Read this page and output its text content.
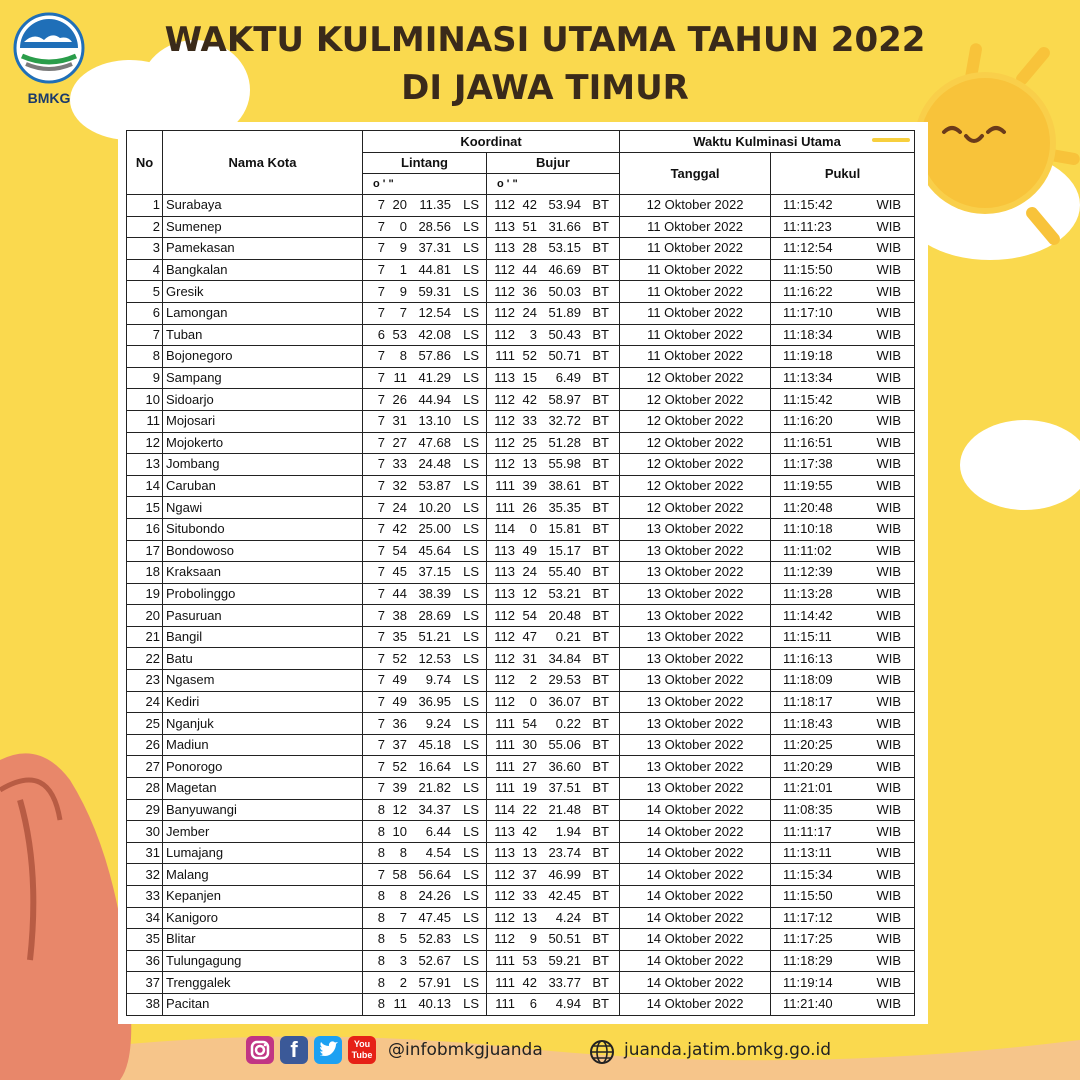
BMKG
WAKTU KULMINASI UTAMA TAHUN 2022
DI JAWA TIMUR
No	Nama Kota	Koordinat		Waktu Kulminasi Utama	
		Lintang	Bujur	Tanggal	Pukul
		o ' "	o ' "		
1	Surabaya	7 20 11.35 LS	112 42 53.94 BT	12 Oktober 2022	11:15:42 WIB
2	Sumenep	7 0 28.56 LS	113 51 31.66 BT	11 Oktober 2022	11:11:23 WIB
3	Pamekasan	7 9 37.31 LS	113 28 53.15 BT	11 Oktober 2022	11:12:54 WIB
4	Bangkalan	7 1 44.81 LS	112 44 46.69 BT	11 Oktober 2022	11:15:50 WIB
5	Gresik	7 9 59.31 LS	112 36 50.03 BT	11 Oktober 2022	11:16:22 WIB
6	Lamongan	7 7 12.54 LS	112 24 51.89 BT	11 Oktober 2022	11:17:10 WIB
7	Tuban	6 53 42.08 LS	112 3 50.43 BT	11 Oktober 2022	11:18:34 WIB
8	Bojonegoro	7 8 57.86 LS	111 52 50.71 BT	11 Oktober 2022	11:19:18 WIB
9	Sampang	7 11 41.29 LS	113 15 6.49 BT	12 Oktober 2022	11:13:34 WIB
10	Sidoarjo	7 26 44.94 LS	112 42 58.97 BT	12 Oktober 2022	11:15:42 WIB
11	Mojosari	7 31 13.10 LS	112 33 32.72 BT	12 Oktober 2022	11:16:20 WIB
12	Mojokerto	7 27 47.68 LS	112 25 51.28 BT	12 Oktober 2022	11:16:51 WIB
13	Jombang	7 33 24.48 LS	112 13 55.98 BT	12 Oktober 2022	11:17:38 WIB
14	Caruban	7 32 53.87 LS	111 39 38.61 BT	12 Oktober 2022	11:19:55 WIB
15	Ngawi	7 24 10.20 LS	111 26 35.35 BT	12 Oktober 2022	11:20:48 WIB
16	Situbondo	7 42 25.00 LS	114 0 15.81 BT	13 Oktober 2022	11:10:18 WIB
17	Bondowoso	7 54 45.64 LS	113 49 15.17 BT	13 Oktober 2022	11:11:02 WIB
18	Kraksaan	7 45 37.15 LS	113 24 55.40 BT	13 Oktober 2022	11:12:39 WIB
19	Probolinggo	7 44 38.39 LS	113 12 53.21 BT	13 Oktober 2022	11:13:28 WIB
20	Pasuruan	7 38 28.69 LS	112 54 20.48 BT	13 Oktober 2022	11:14:42 WIB
21	Bangil	7 35 51.21 LS	112 47 0.21 BT	13 Oktober 2022	11:15:11 WIB
22	Batu	7 52 12.53 LS	112 31 34.84 BT	13 Oktober 2022	11:16:13 WIB
23	Ngasem	7 49 9.74 LS	112 2 29.53 BT	13 Oktober 2022	11:18:09 WIB
24	Kediri	7 49 36.95 LS	112 0 36.07 BT	13 Oktober 2022	11:18:17 WIB
25	Nganjuk	7 36 9.24 LS	111 54 0.22 BT	13 Oktober 2022	11:18:43 WIB
26	Madiun	7 37 45.18 LS	111 30 55.06 BT	13 Oktober 2022	11:20:25 WIB
27	Ponorogo	7 52 16.64 LS	111 27 36.60 BT	13 Oktober 2022	11:20:29 WIB
28	Magetan	7 39 21.82 LS	111 19 37.51 BT	13 Oktober 2022	11:21:01 WIB
29	Banyuwangi	8 12 34.37 LS	114 22 21.48 BT	14 Oktober 2022	11:08:35 WIB
30	Jember	8 10 6.44 LS	113 42 1.94 BT	14 Oktober 2022	11:11:17 WIB
31	Lumajang	8 8 4.54 LS	113 13 23.74 BT	14 Oktober 2022	11:13:11 WIB
32	Malang	7 58 56.64 LS	112 37 46.99 BT	14 Oktober 2022	11:15:34 WIB
33	Kepanjen	8 8 24.26 LS	112 33 42.45 BT	14 Oktober 2022	11:15:50 WIB
34	Kanigoro	8 7 47.45 LS	112 13 4.24 BT	14 Oktober 2022	11:17:12 WIB
35	Blitar	8 5 52.83 LS	112 9 50.51 BT	14 Oktober 2022	11:17:25 WIB
36	Tulungagung	8 3 52.67 LS	111 53 59.21 BT	14 Oktober 2022	11:18:29 WIB
37	Trenggalek	8 2 57.91 LS	111 42 33.77 BT	14 Oktober 2022	11:19:14 WIB
38	Pacitan	8 11 40.13 LS	111 6 4.94 BT	14 Oktober 2022	11:21:40 WIB
f	You Tube @infobmkgjuanda	juanda.jatim.bmkg.go.id
